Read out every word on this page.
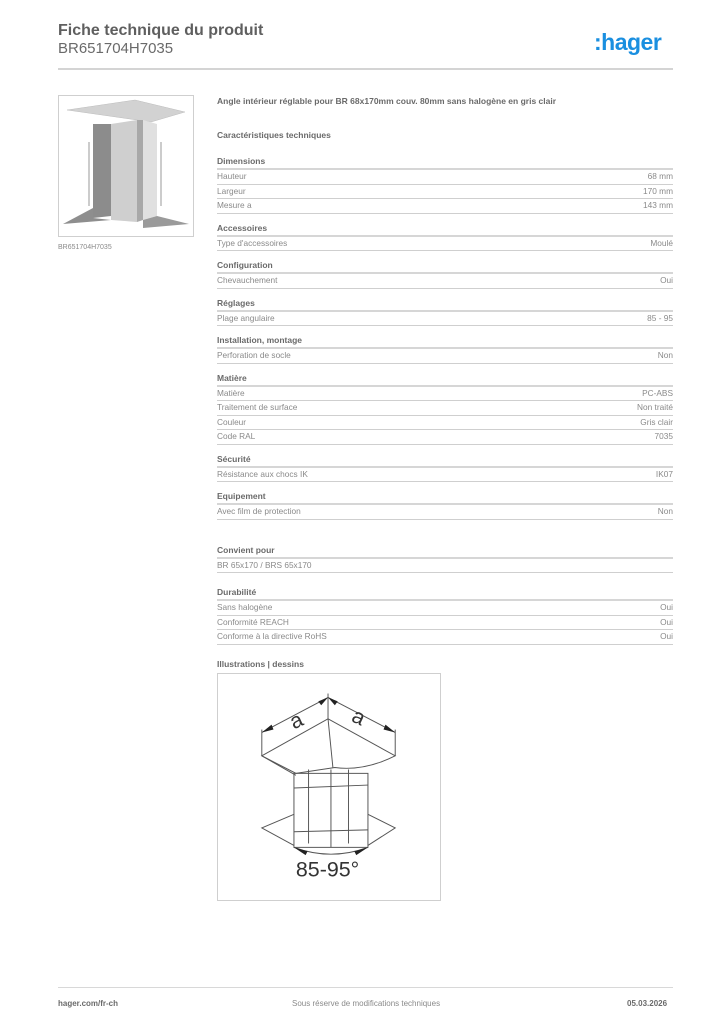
Fiche technique du produit
BR651704H7035	:hager
BR651704H7035
Angle intérieur réglable pour BR 68x170mm couv. 80mm sans halogène en gris clair
Caractéristiques techniques
Dimensions
Hauteur	68 mm
Largeur	170 mm
Mesure a	143 mm
Accessoires
Type d'accessoires	Moulé
Configuration
Chevauchement	Oui
Réglages
Plage angulaire	85 - 95
Installation, montage
Perforation de socle	Non
Matière
Matière	PC-ABS
Traitement de surface	Non traité
Couleur	Gris clair
Code RAL	7035
Sécurité
Résistance aux chocs IK	IK07
Equipement
Avec film de protection	Non
Convient pour
BR 65x170 / BRS 65x170
Durabilité
Sans halogène	Oui
Conformité REACH	Oui
Conforme à la directive RoHS	Oui
Illustrations | dessins
a a
85-95°
hager.com/fr-ch	Sous réserve de modifications techniques	05.03.2026
